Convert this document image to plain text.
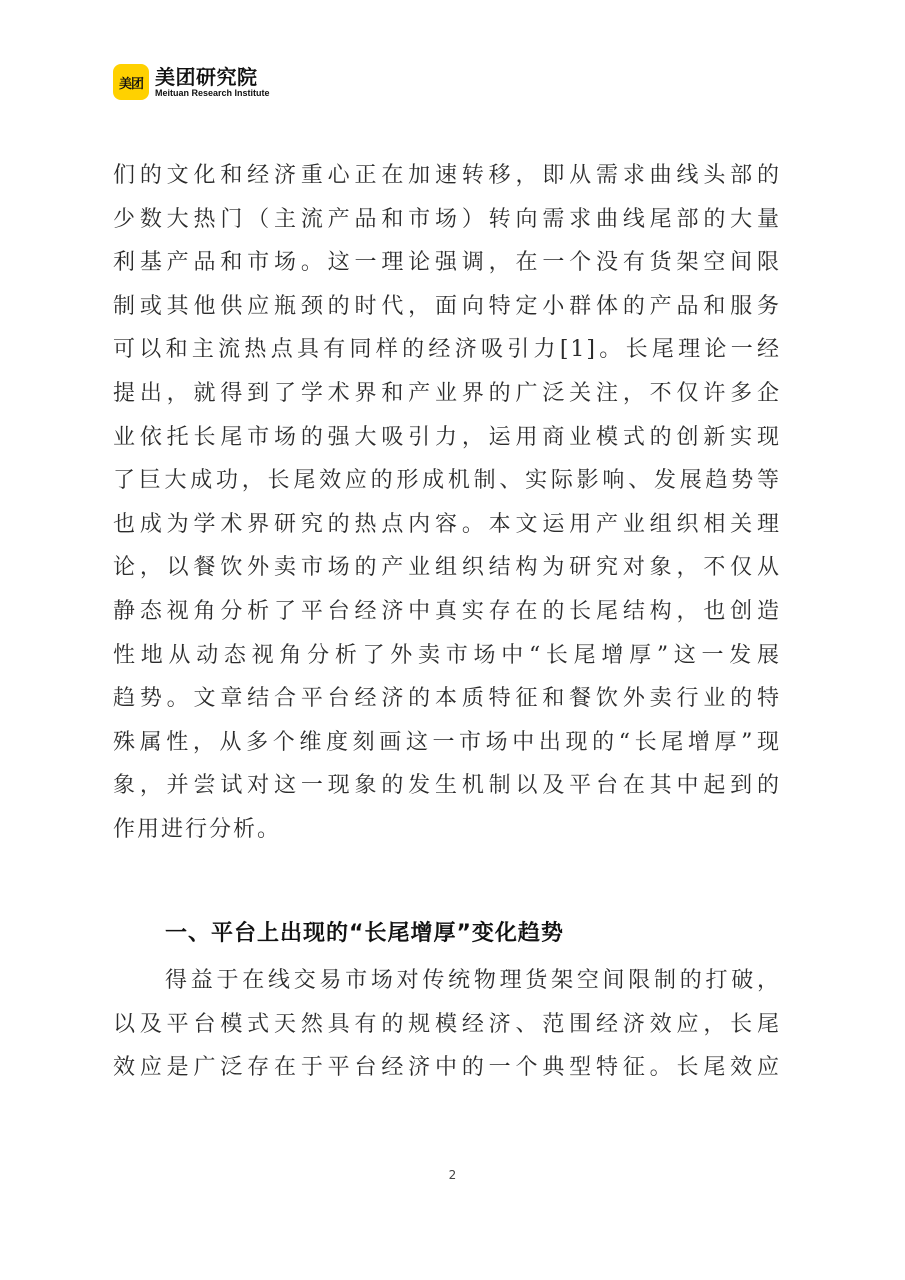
美团 美团研究院
Meituan Research Institute

们的文化和经济重心正在加速转移，即从需求曲线头部的

少数大热门（主流产品和市场）转向需求曲线尾部的大量

利基产品和市场。这一理论强调，在一个没有货架空间限

制或其他供应瓶颈的时代，面向特定小群体的产品和服务

可以和主流热点具有同样的经济吸引力[1]。长尾理论一经

提出，就得到了学术界和产业界的广泛关注，不仅许多企

业依托长尾市场的强大吸引力，运用商业模式的创新实现

了巨大成功，长尾效应的形成机制、实际影响、发展趋势等

也成为学术界研究的热点内容。本文运用产业组织相关理

论，以餐饮外卖市场的产业组织结构为研究对象，不仅从

静态视角分析了平台经济中真实存在的长尾结构，也创造

性地从动态视角分析了外卖市场中“长尾增厚”这一发展

趋势。文章结合平台经济的本质特征和餐饮外卖行业的特

殊属性，从多个维度刻画这一市场中出现的“长尾增厚”现

象，并尝试对这一现象的发生机制以及平台在其中起到的

作用进行分析。

一、平台上出现的“长尾增厚”变化趋势

得益于在线交易市场对传统物理货架空间限制的打破，

以及平台模式天然具有的规模经济、范围经济效应，长尾

效应是广泛存在于平台经济中的一个典型特征。长尾效应

2
